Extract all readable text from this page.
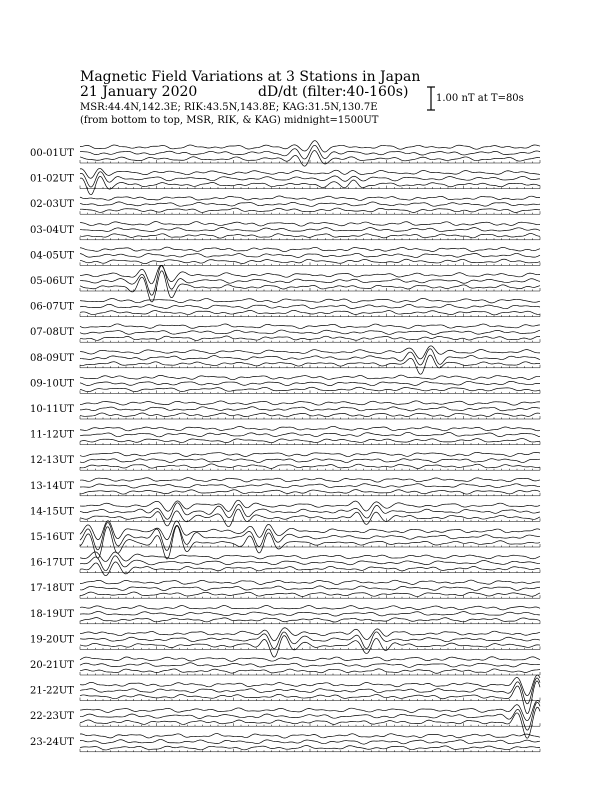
Magnetic Field Variations at 3 Stations in Japan
21 January 2020	dD/dt (filter:40-160s)
MSR:44.4N,142.3E; RIK:43.5N,143.8E; KAG:31.5N,130.7E
(from bottom to top, MSR, RIK, & KAG) midnight=1500UT
1.00 nT at T=80s
00-01UT
01-02UT
02-03UT
03-04UT
04-05UT
05-06UT
06-07UT
07-08UT
08-09UT
09-10UT
10-11UT
11-12UT
12-13UT
13-14UT
14-15UT
15-16UT
16-17UT
17-18UT
18-19UT
19-20UT
20-21UT
21-22UT
22-23UT
23-24UT
